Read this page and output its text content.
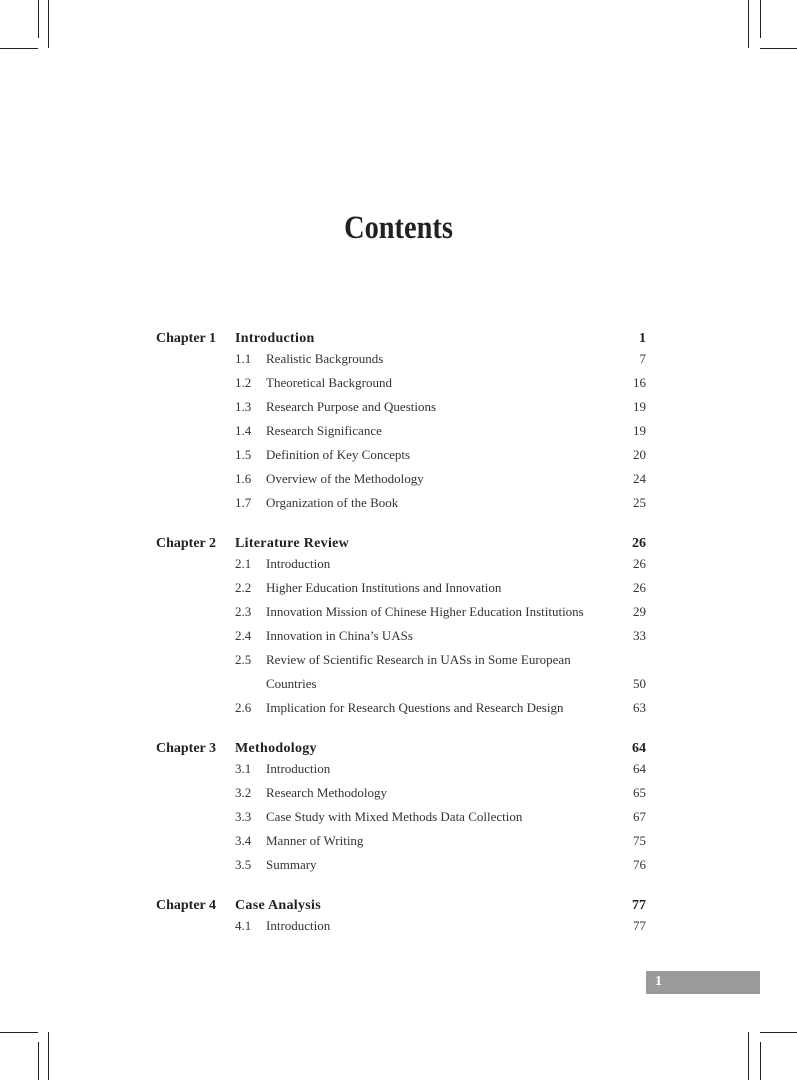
Contents
Chapter 1 Introduction	1
1.1 Realistic Backgrounds	7
1.2 Theoretical Background	16
1.3 Research Purpose and Questions	19
1.4 Research Significance	19
1.5 Definition of Key Concepts	20
1.6 Overview of the Methodology	24
1.7 Organization of the Book	25
Chapter 2 Literature Review	26
2.1 Introduction	26
2.2 Higher Education Institutions and Innovation	26
2.3 Innovation Mission of Chinese Higher Education Institutions	29
2.4 Innovation in China’s UASs	33
2.5 Review of Scientific Research in UASs in Some European
Countries	50
2.6 Implication for Research Questions and Research Design	63
Chapter 3 Methodology	64
3.1 Introduction	64
3.2 Research Methodology	65
3.3 Case Study with Mixed Methods Data Collection	67
3.4 Manner of Writing	75
3.5 Summary	76
Chapter 4 Case Analysis	77
4.1 Introduction	77
1
